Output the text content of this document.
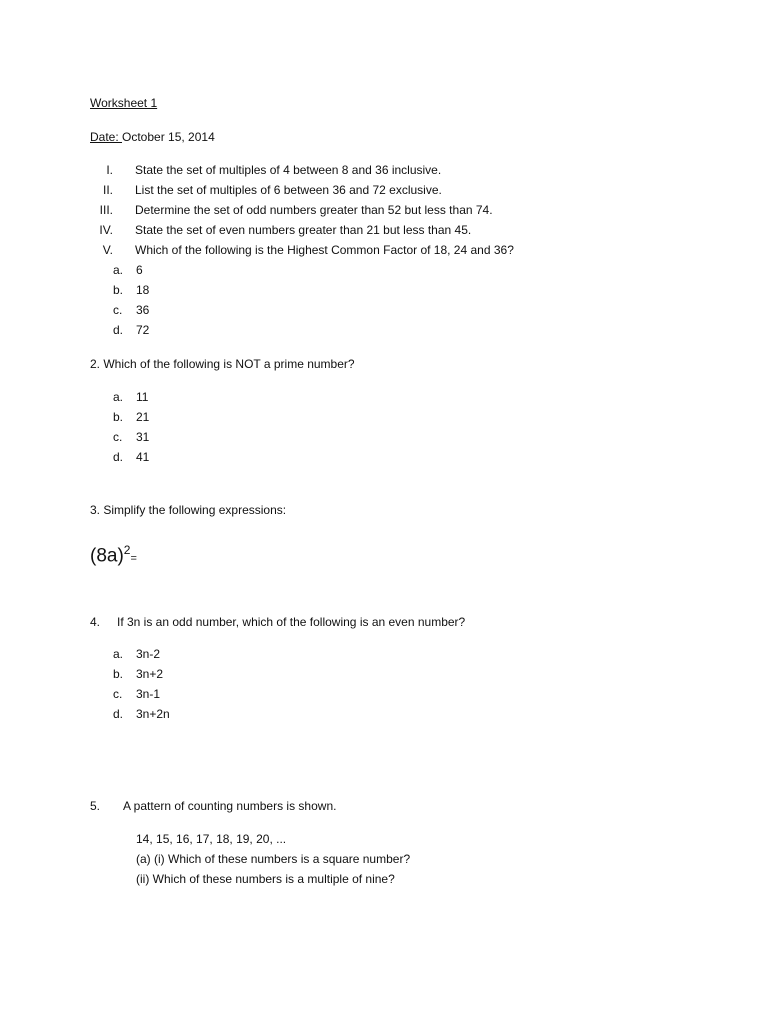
Worksheet 1
Date: October 15, 2014
I. State the set of multiples of 4 between 8 and 36 inclusive.
II. List the set of multiples of 6 between 36 and 72 exclusive.
III. Determine the set of odd numbers greater than 52 but less than 74.
IV. State the set of even numbers greater than 21 but less than 45.
V. Which of the following is the Highest Common Factor of 18, 24 and 36?
a. 6
b. 18
c. 36
d. 72
2. Which of the following is NOT a prime number?
a. 11
b. 21
c. 31
d. 41
3. Simplify the following expressions:
$(8a)^2=$
4. If 3n is an odd number, which of the following is an even number?
a. 3n-2
b. 3n+2
c. 3n-1
d. 3n+2n
5. A pattern of counting numbers is shown.
14, 15, 16, 17, 18, 19, 20, ...
(a) (i) Which of these numbers is a square number?
(ii) Which of these numbers is a multiple of nine?
